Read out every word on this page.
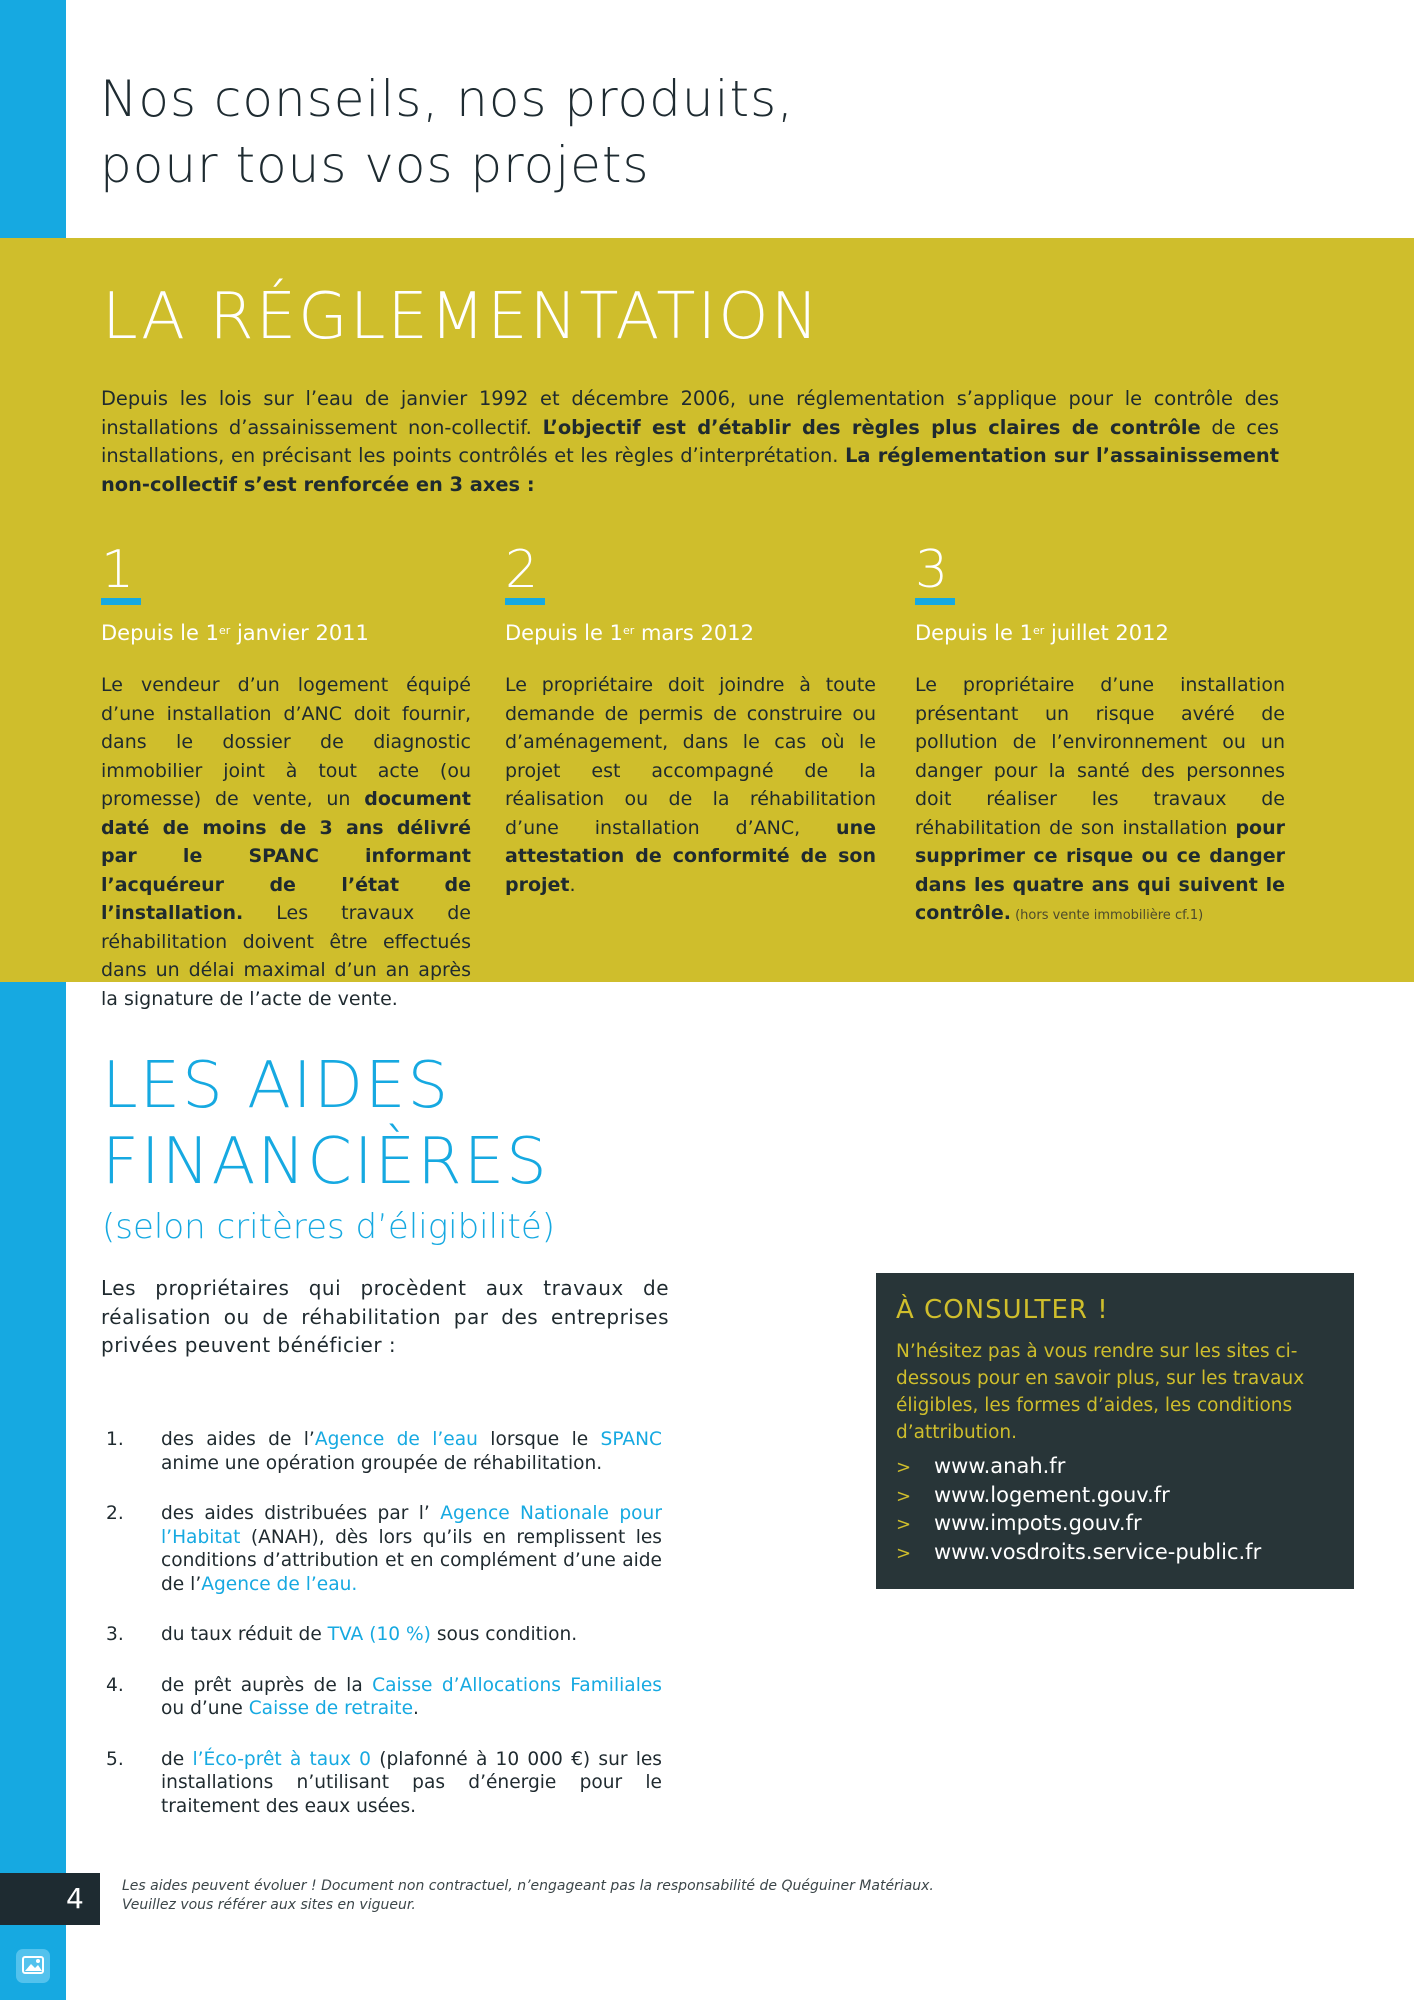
Nos conseils, nos produits,
pour tous vos projets
LA RÉGLEMENTATION
Depuis les lois sur l’eau de janvier 1992 et décembre 2006, une réglementation s’applique pour le contrôle des installations d’assainissement non-collectif. L’objectif est d’établir des règles plus claires de contrôle de ces installations, en précisant les points contrôlés et les règles d’interprétation. La réglementation sur l’assainissement non-collectif s’est renforcée en 3 axes :
1
Depuis le 1er janvier 2011
Le vendeur d’un logement équipé d’une installation d’ANC doit fournir, dans le dossier de diagnostic immobilier joint à tout acte (ou promesse) de vente, un document daté de moins de 3 ans délivré par le SPANC informant l’acquéreur de l’état de l’installation. Les travaux de réhabilitation doivent être effectués dans un délai maximal d’un an après la signature de l’acte de vente.
2
Depuis le 1er mars 2012
Le propriétaire doit joindre à toute demande de permis de construire ou d’aménagement, dans le cas où le projet est accompagné de la réalisation ou de la réhabilitation d’une installation d’ANC, une attestation de conformité de son projet.
3
Depuis le 1er juillet 2012
Le propriétaire d’une installation présentant un risque avéré de pollution de l’environnement ou un danger pour la santé des personnes doit réaliser les travaux de réhabilitation de son installation pour supprimer ce risque ou ce danger dans les quatre ans qui suivent le contrôle. (hors vente immobilière cf.1)
LES AIDES
FINANCIÈRES
(selon critères d’éligibilité)
Les propriétaires qui procèdent aux travaux de réalisation ou de réhabilitation par des entreprises privées peuvent bénéficier :
1. des aides de l’Agence de l’eau lorsque le SPANC anime une opération groupée de réhabilitation.
2. des aides distribuées par l’ Agence Nationale pour l’Habitat (ANAH), dès lors qu’ils en remplissent les conditions d’attribution et en complément d’une aide de l’Agence de l’eau.
3. du taux réduit de TVA (10 %) sous condition.
4. de prêt auprès de la Caisse d’Allocations Familiales ou d’une Caisse de retraite.
5. de l’Éco-prêt à taux 0 (plafonné à 10 000 €) sur les installations n’utilisant pas d’énergie pour le traitement des eaux usées.
À CONSULTER !
N’hésitez pas à vous rendre sur les sites ci-dessous pour en savoir plus, sur les travaux éligibles, les formes d’aides, les conditions d’attribution.
> www.anah.fr
> www.logement.gouv.fr
> www.impots.gouv.fr
> www.vosdroits.service-public.fr
4	Les aides peuvent évoluer ! Document non contractuel, n’engageant pas la responsabilité de Quéguiner Matériaux.
Veuillez vous référer aux sites en vigueur.
